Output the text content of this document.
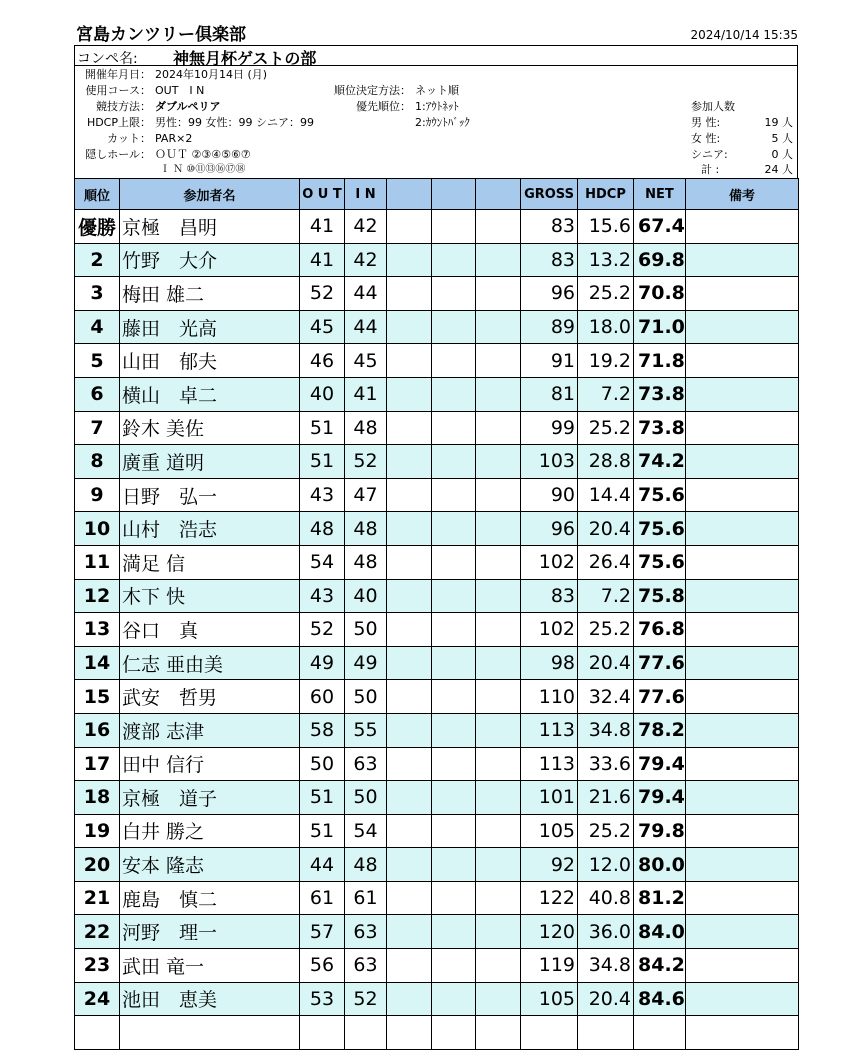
宮島カンツリー倶楽部	2024/10/14 15:35
コンペ名: 神無月杯ゲストの部
開催年月日： 2024年10月14日 (月)
使用コース： OUT　I N
競技方法： ダブルペリア
HDCP上限： 男性：99 女性：99 シニア：99
カット： PAR×2
隠しホール： ＯＵＴ ②③④⑤⑥⑦
Ｉ Ｎ ⑩⑪⑬⑯⑰⑱
順位決定方法： ネット順
優先順位： 1:ｱｳﾄﾈｯﾄ
2:ｶｳﾝﾄﾊﾞｯｸ
参加人数
男 性:	19 人
女 性:	5 人
シニア:	0 人
計 :	24 人
順位	参加者名	O U T	I N				GROSS	HDCP	NET	備考
優勝	京極　昌明	41	42				83	15.6	67.4	
2	竹野　大介	41	42				83	13.2	69.8	
3	梅田 雄二	52	44				96	25.2	70.8	
4	藤田　光高	45	44				89	18.0	71.0	
5	山田　郁夫	46	45				91	19.2	71.8	
6	横山　卓二	40	41				81	7.2	73.8	
7	鈴木 美佐	51	48				99	25.2	73.8	
8	廣重 道明	51	52				103	28.8	74.2	
9	日野　弘一	43	47				90	14.4	75.6	
10	山村　浩志	48	48				96	20.4	75.6	
11	満足 信	54	48				102	26.4	75.6	
12	木下 快	43	40				83	7.2	75.8	
13	谷口　真	52	50				102	25.2	76.8	
14	仁志 亜由美	49	49				98	20.4	77.6	
15	武安　哲男	60	50				110	32.4	77.6	
16	渡部 志津	58	55				113	34.8	78.2	
17	田中 信行	50	63				113	33.6	79.4	
18	京極　道子	51	50				101	21.6	79.4	
19	白井 勝之	51	54				105	25.2	79.8	
20	安本 隆志	44	48				92	12.0	80.0	
21	鹿島　慎二	61	61				122	40.8	81.2	
22	河野　理一	57	63				120	36.0	84.0	
23	武田 竜一	56	63				119	34.8	84.2	
24	池田　恵美	53	52				105	20.4	84.6	
